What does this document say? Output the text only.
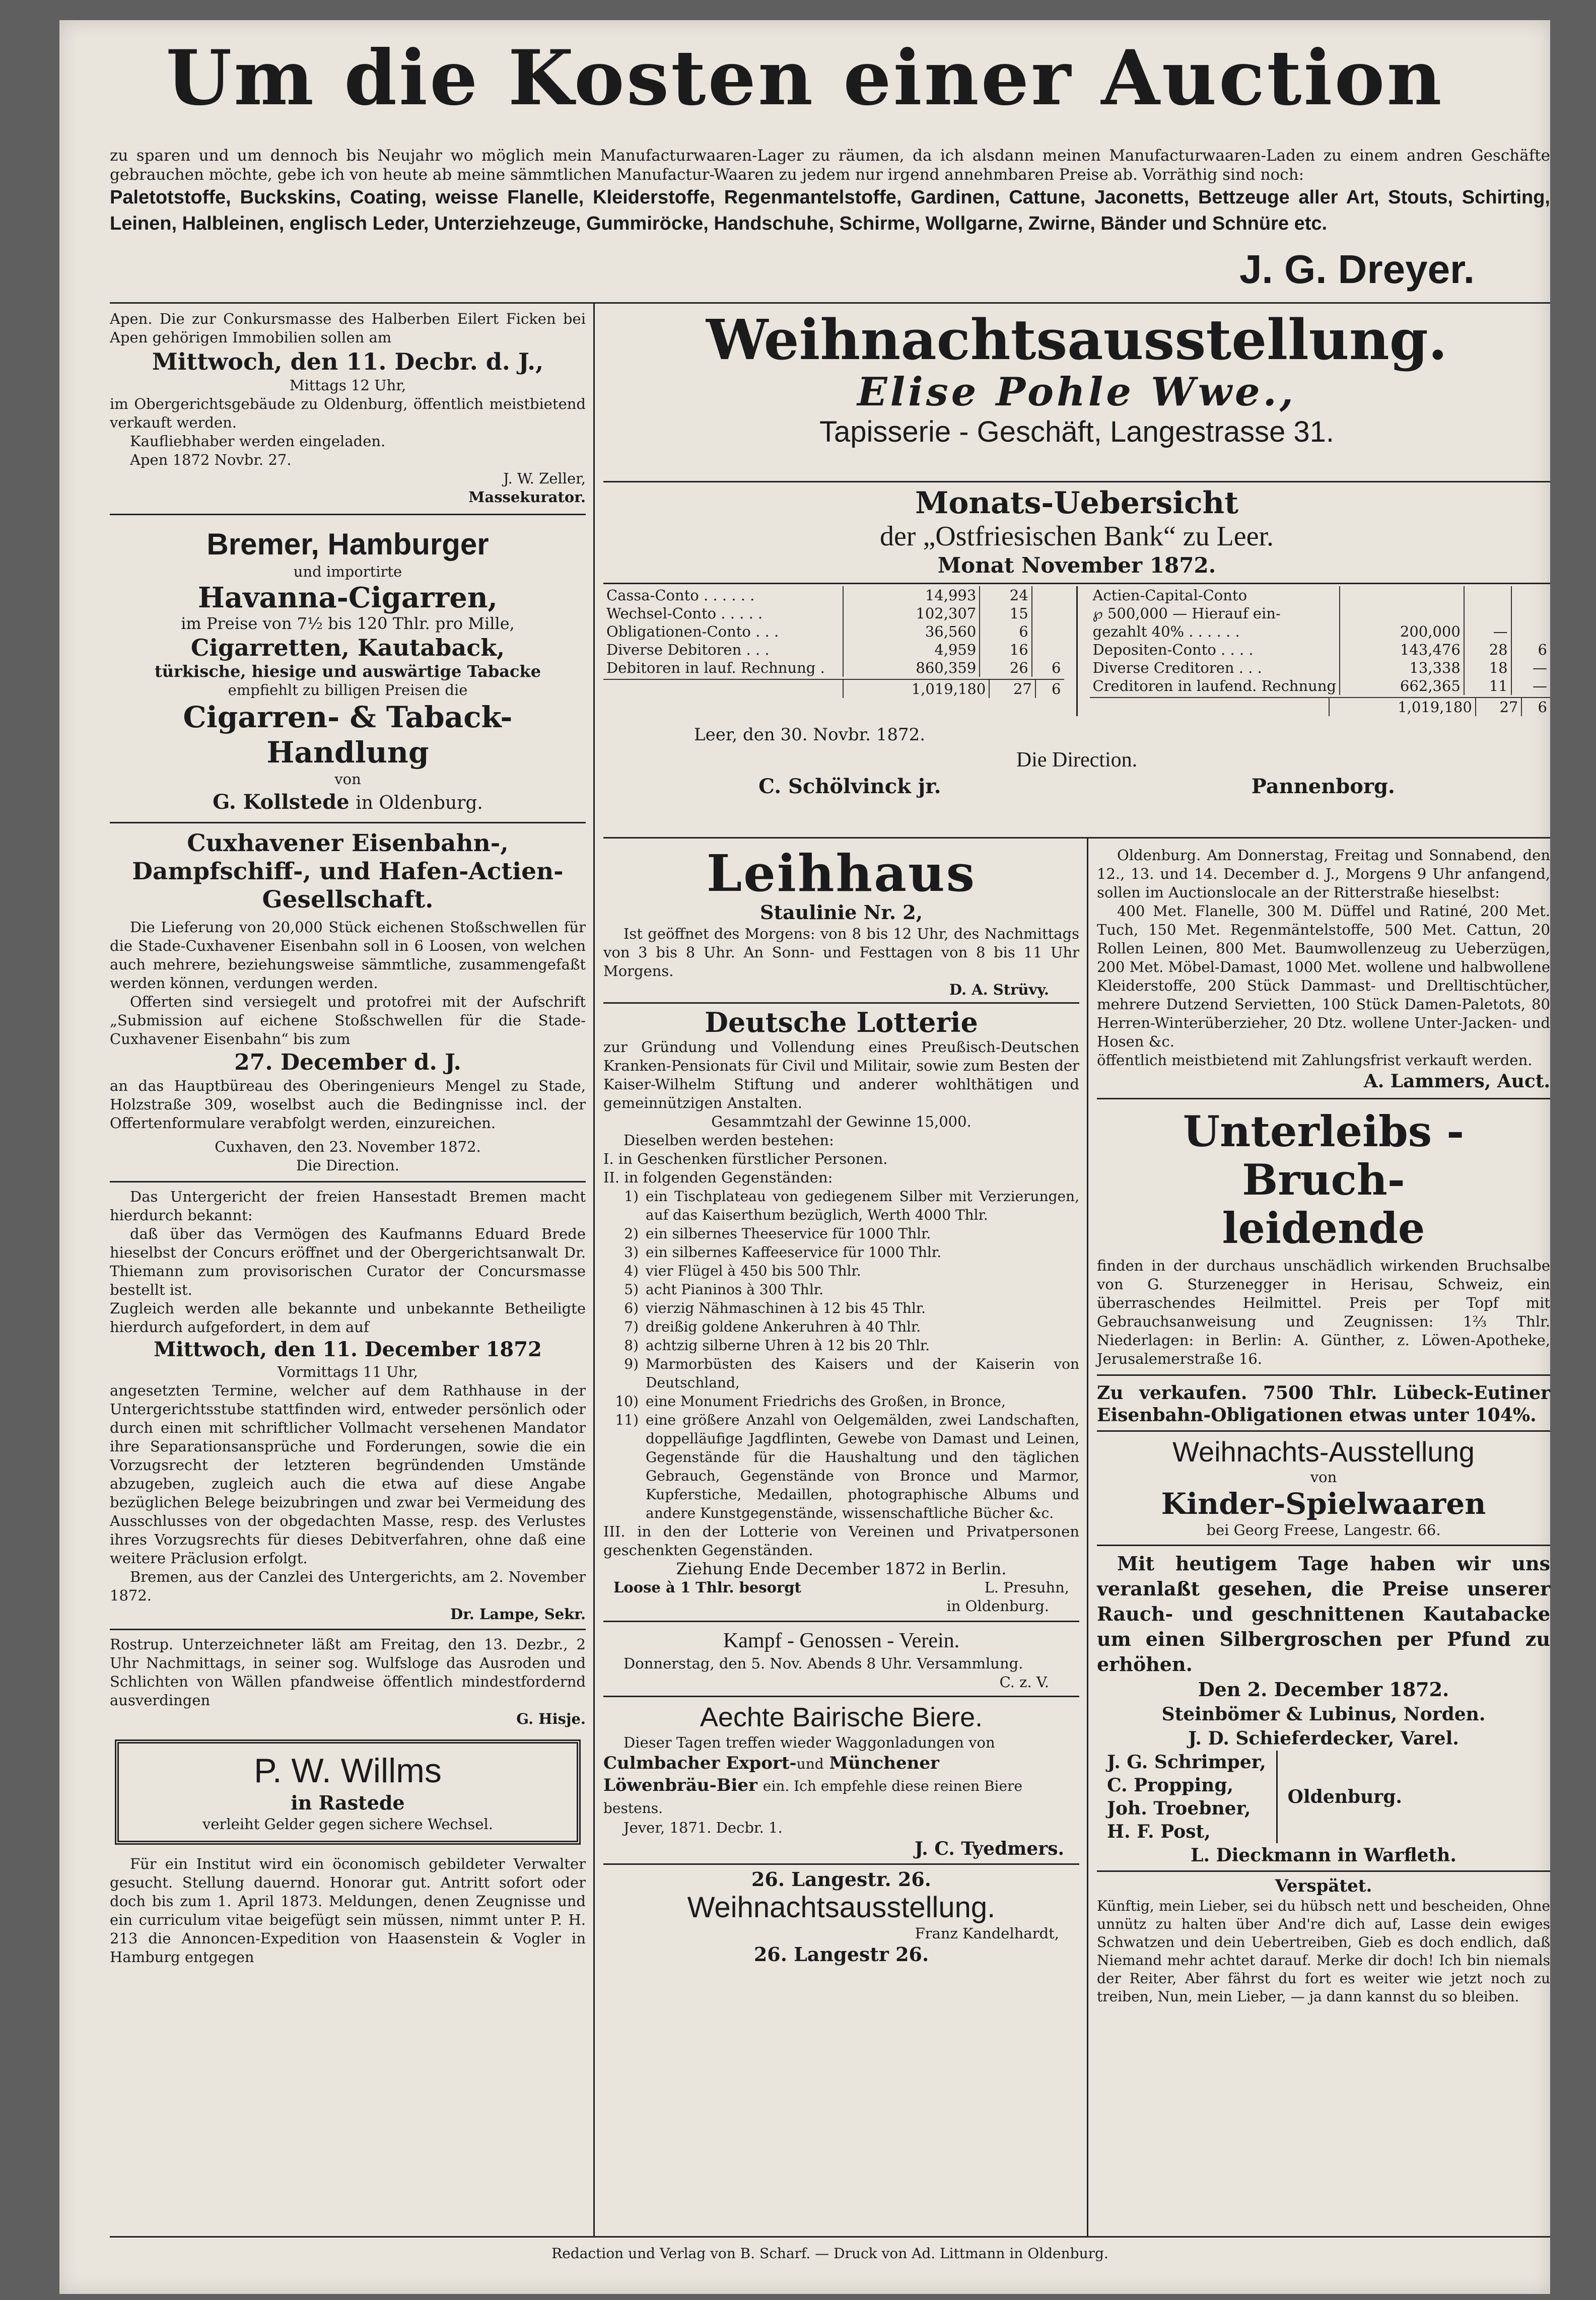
Um die Kosten einer Auction

zu sparen und um dennoch bis Neujahr wo möglich mein Manufacturwaaren-Lager zu räumen, da ich alsdann meinen Manufacturwaaren-Laden zu einem andren Geschäfte gebrauchen möchte, gebe ich von heute ab meine sämmtlichen Manufactur-Waaren zu jedem nur irgend annehmbaren Preise ab. Vorräthig sind noch:

Paletotstoffe, Buckskins, Coating, weisse Flanelle, Kleiderstoffe, Regenmantelstoffe, Gardinen, Cattune, Jaconetts, Bettzeuge aller Art, Stouts, Schirting, Leinen, Halbleinen, englisch Leder, Unterziehzeuge, Gummiröcke, Handschuhe, Schirme, Wollgarne, Zwirne, Bänder und Schnüre etc.

J. G. Dreyer.

Apen. Die zur Conkursmasse des Halberben Eilert Ficken bei Apen gehörigen Immobilien sollen am

Mittwoch, den 11. Decbr. d. J.,
Mittags 12 Uhr,

im Obergerichtsgebäude zu Oldenburg, öffentlich meistbietend verkauft werden.

Kaufliebhaber werden eingeladen.

Apen 1872 Novbr. 27.

J. W. Zeller,
Massekurator.
Bremer, Hamburger
und importirte
Havanna-Cigarren,
im Preise von 7½ bis 120 Thlr. pro Mille,
Cigarretten, Kautaback,
türkische, hiesige und auswärtige Tabacke
empfiehlt zu billigen Preisen die
Cigarren- & Taback-Handlung
von
G. Kollstede in Oldenburg.
Cuxhavener Eisenbahn-, Dampfschiff-, und Hafen-Actien-Gesellschaft.

Die Lieferung von 20,000 Stück eichenen Stoßschwellen für die Stade-Cuxhavener Eisenbahn soll in 6 Loosen, von welchen auch mehrere, beziehungsweise sämmtliche, zusammengefaßt werden können, verdungen werden.

Offerten sind versiegelt und protofrei mit der Aufschrift „Submission auf eichene Stoßschwellen für die Stade-Cuxhavener Eisenbahn“ bis zum

27. December d. J.

an das Hauptbüreau des Oberingenieurs Mengel zu Stade, Holzstraße 309, woselbst auch die Bedingnisse incl. der Offertenformulare verabfolgt werden, einzureichen.

Cuxhaven, den 23. November 1872.
Die Direction.

Das Untergericht der freien Hansestadt Bremen macht hierdurch bekannt:

daß über das Vermögen des Kaufmanns Eduard Brede hieselbst der Concurs eröffnet und der Obergerichtsanwalt Dr. Thiemann zum provisorischen Curator der Concursmasse bestellt ist.

Zugleich werden alle bekannte und unbekannte Betheiligte hierdurch aufgefordert, in dem auf

Mittwoch, den 11. December 1872
Vormittags 11 Uhr,

angesetzten Termine, welcher auf dem Rathhause in der Untergerichtsstube stattfinden wird, entweder persönlich oder durch einen mit schriftlicher Vollmacht versehenen Mandator ihre Separationsansprüche und Forderungen, sowie die ein Vorzugsrecht der letzteren begründenden Umstände abzugeben, zugleich auch die etwa auf diese Angabe bezüglichen Belege beizubringen und zwar bei Vermeidung des Ausschlusses von der obgedachten Masse, resp. des Verlustes ihres Vorzugsrechts für dieses Debitverfahren, ohne daß eine weitere Präclusion erfolgt.

Bremen, aus der Canzlei des Untergerichts, am 2. November 1872.

Dr. Lampe, Sekr.

Rostrup. Unterzeichneter läßt am Freitag, den 13. Dezbr., 2 Uhr Nachmittags, in seiner sog. Wulfsloge das Ausroden und Schlichten von Wällen pfandweise öffentlich mindestfordernd ausverdingen

G. Hisje.
P. W. Willms
in Rastede
verleiht Gelder gegen sichere Wechsel.

Für ein Institut wird ein öconomisch gebildeter Verwalter gesucht. Stellung dauernd. Honorar gut. Antritt sofort oder doch bis zum 1. April 1873. Meldungen, denen Zeugnisse und ein curriculum vitae beigefügt sein müssen, nimmt unter P. H. 213 die Annoncen-Expedition von Haasenstein & Vogler in Hamburg entgegen

Weihnachtsausstellung.
Elise Pohle Wwe.,
Tapisserie - Geschäft, Langestrasse 31.
Monats-Uebersicht
der „Ostfriesischen Bank“ zu Leer.
Monat November 1872.
Cassa-Conto . . . . . .	14,993	24	
Wechsel-Conto . . . . .	102,307	15	
Obligationen-Conto . . .	36,560	6	
Diverse Debitoren . . .	4,959	16	
Debitoren in lauf. Rechnung .	860,359	26	6
	1,019,180	27	6
Actien-Capital-Conto			
℘ 500,000 — Hierauf ein-			
gezahlt 40% . . . . . .	200,000	—	
Depositen-Conto . . . .	143,476	28	6
Diverse Creditoren . . .	13,338	18	—
Creditoren in laufend. Rechnung	662,365	11	—
	1,019,180	27	6
Leer, den 30. Novbr. 1872.
Die Direction.
C. Schölvinck jr.	Pannenborg.
Leihhaus
Staulinie Nr. 2,

Ist geöffnet des Morgens: von 8 bis 12 Uhr, des Nachmittags von 3 bis 8 Uhr. An Sonn- und Festtagen von 8 bis 11 Uhr Morgens.

D. A. Strüvy.
Deutsche Lotterie

zur Gründung und Vollendung eines Preußisch-Deutschen Kranken-Pensionats für Civil und Militair, sowie zum Besten der Kaiser-Wilhelm Stiftung und anderer wohlthätigen und gemeinnützigen Anstalten.

Gesammtzahl der Gewinne 15,000.

Dieselben werden bestehen:

I. in Geschenken fürstlicher Personen.

II. in folgenden Gegenständen:

1) ein Tischplateau von gediegenem Silber mit Verzierungen, auf das Kaiserthum bezüglich, Werth 4000 Thlr.
2) ein silbernes Theeservice für 1000 Thlr.
3) ein silbernes Kaffeeservice für 1000 Thlr.
4) vier Flügel à 450 bis 500 Thlr.
5) acht Pianinos à 300 Thlr.
6) vierzig Nähmaschinen à 12 bis 45 Thlr.
7) dreißig goldene Ankeruhren à 40 Thlr.
8) achtzig silberne Uhren à 12 bis 20 Thlr.
9) Marmorbüsten des Kaisers und der Kaiserin von Deutschland,
10) eine Monument Friedrichs des Großen, in Bronce,
11) eine größere Anzahl von Oelgemälden, zwei Landschaften, doppelläufige Jagdflinten, Gewebe von Damast und Leinen, Gegenstände für die Haushaltung und den täglichen Gebrauch, Gegenstände von Bronce und Marmor, Kupferstiche, Medaillen, photographische Albums und andere Kunstgegenstände, wissenschaftliche Bücher &c.

III. in den der Lotterie von Vereinen und Privatpersonen geschenkten Gegenständen.

Ziehung Ende December 1872 in Berlin.
Loose à 1 Thlr. besorgt	L. Presuhn,
in Oldenburg.
Kampf - Genossen - Verein.

Donnerstag, den 5. Nov. Abends 8 Uhr. Versammlung.

C. z. V.
Aechte Bairische Biere.

Dieser Tagen treffen wieder Waggonladungen von

Culmbacher Export-und Münchener
Löwenbräu-Bier ein. Ich empfehle diese reinen Biere bestens.

Jever, 1871. Decbr. 1.

J. C. Tyedmers.
26. Langestr. 26.
Weihnachtsausstellung.
Franz Kandelhardt,
26. Langestr 26.

Oldenburg. Am Donnerstag, Freitag und Sonnabend, den 12., 13. und 14. December d. J., Morgens 9 Uhr anfangend, sollen im Auctionslocale an der Ritterstraße hieselbst:

400 Met. Flanelle, 300 M. Düffel und Ratiné, 200 Met. Tuch, 150 Met. Regenmäntelstoffe, 500 Met. Cattun, 20 Rollen Leinen, 800 Met. Baumwollenzeug zu Ueberzügen, 200 Met. Möbel-Damast, 1000 Met. wollene und halbwollene Kleiderstoffe, 200 Stück Dammast- und Drelltischtücher, mehrere Dutzend Servietten, 100 Stück Damen-Paletots, 80 Herren-Winterüberzieher, 20 Dtz. wollene Unter-Jacken- und Hosen &c.

öffentlich meistbietend mit Zahlungsfrist verkauft werden.

A. Lammers, Auct.
Unterleibs - Bruch-
leidende

finden in der durchaus unschädlich wirkenden Bruchsalbe von G. Sturzenegger in Herisau, Schweiz, ein überraschendes Heilmittel. Preis per Topf mit Gebrauchsanweisung und Zeugnissen: 1⅔ Thlr. Niederlagen: in Berlin: A. Günther, z. Löwen-Apotheke, Jerusalemerstraße 16.

Zu verkaufen. 7500 Thlr. Lübeck-Eutiner Eisenbahn-Obligationen etwas unter 104%.

Weihnachts-Ausstellung
von
Kinder-Spielwaaren
bei Georg Freese, Langestr. 66.

Mit heutigem Tage haben wir uns veranlaßt gesehen, die Preise unserer Rauch- und geschnittenen Kautabacke um einen Silbergroschen per Pfund zu erhöhen.

Den 2. December 1872.
Steinbömer & Lubinus, Norden.
J. D. Schieferdecker, Varel.
J. G. Schrimper,
C. Propping,
Joh. Troebner,
H. F. Post,
Oldenburg.
L. Dieckmann in Warfleth.
Verspätet.

Künftig, mein Lieber, sei du hübsch nett und bescheiden, Ohne unnütz zu halten über And're dich auf, Lasse dein ewiges Schwatzen und dein Uebertreiben, Gieb es doch endlich, daß Niemand mehr achtet darauf. Merke dir doch! Ich bin niemals der Reiter, Aber fährst du fort es weiter wie jetzt noch zu treiben, Nun, mein Lieber, — ja dann kannst du so bleiben.

Redaction und Verlag von B. Scharf. — Druck von Ad. Littmann in Oldenburg.
